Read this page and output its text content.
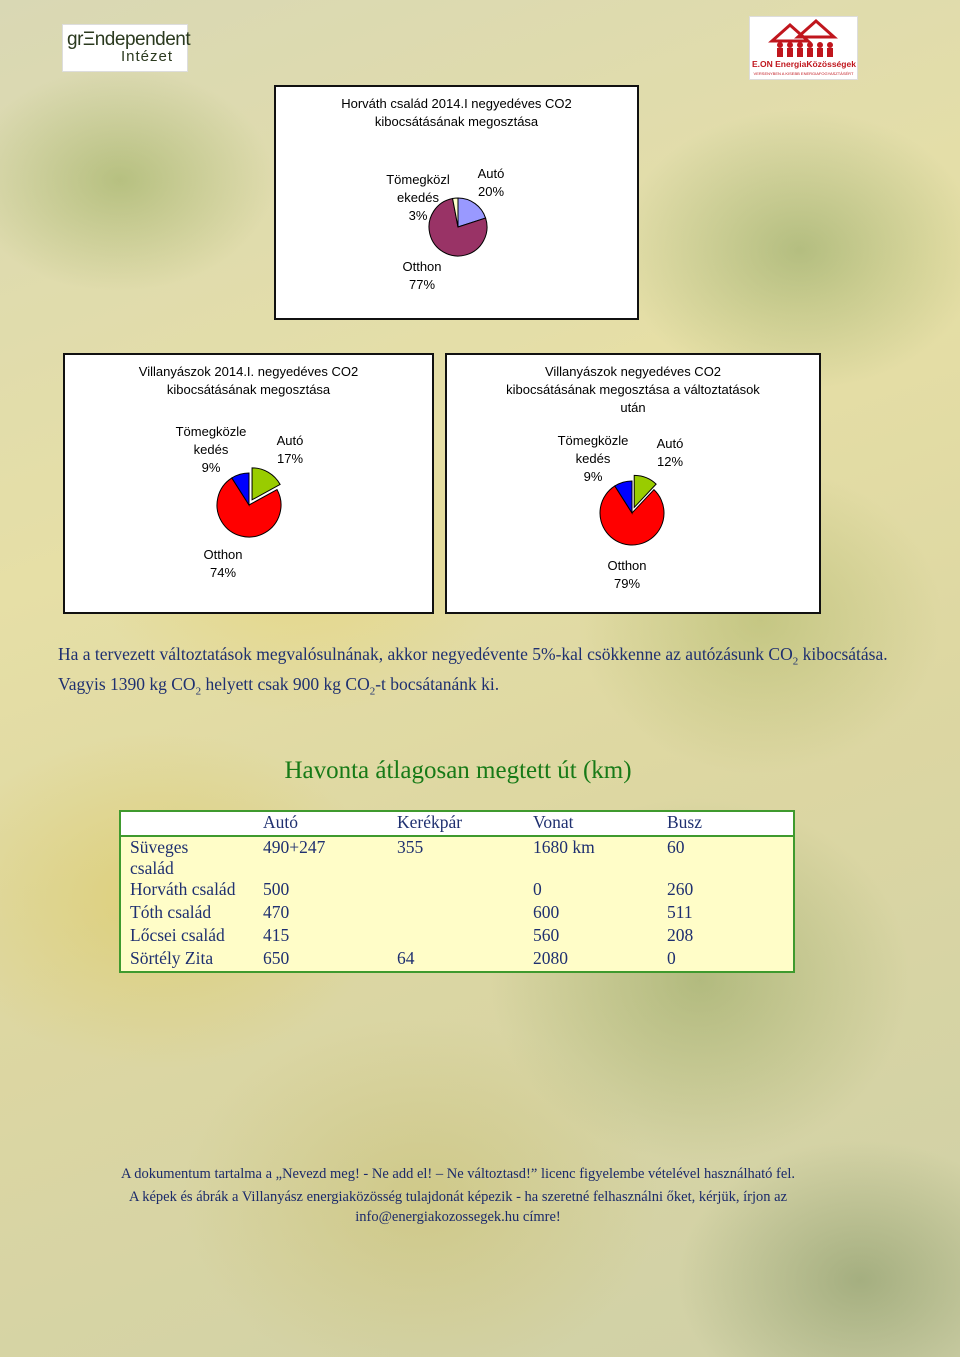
grΞndependent
Intézet	E.ON EnergiaKözösségek
VERSENYBEN A KISEBB ENERGIAFOGYASZTÁSÉRT

Horváth család 2014.I negyedéves CO2

kibocsátásának megosztása

Tömegközl

ekedés

3%

Autó

20%

Otthon

77%

Villanyászok 2014.I. negyedéves CO2

kibocsátásának megosztása

Tömegközle

kedés

9%

Autó

17%

Otthon

74%

Villanyászok negyedéves CO2

kibocsátásának megosztása a változtatások

után

Tömegközle

kedés

9%

Autó

12%

Otthon

79%

Ha a tervezett változtatások megvalósulnának, akkor negyedévente 5%-kal csökkenne az autózásunk $CO_2$ kibocsátása. Vagyis 1390 kg $CO_2$ helyett csak 900 kg $CO_2-t$ bocsátanánk ki.

Havonta átlagosan megtett út (km)

	Autó	Kerékpár	Vonat	Busz
Süveges
család	490+247	355	1680 km	60
Horváth család	500		0	260
Tóth család	470		600	511
Lőcsei család	415		560	208
Sörtély Zita	650	64	2080	0

A dokumentum tartalma a „Nevezd meg! - Ne add el! – Ne változtasd!” licenc figyelembe vételével használható fel.

A képek és ábrák a Villanyász energiaközösség tulajdonát képezik - ha szeretné felhasználni őket, kérjük, írjon az

info@energiakozossegek.hu címre!
